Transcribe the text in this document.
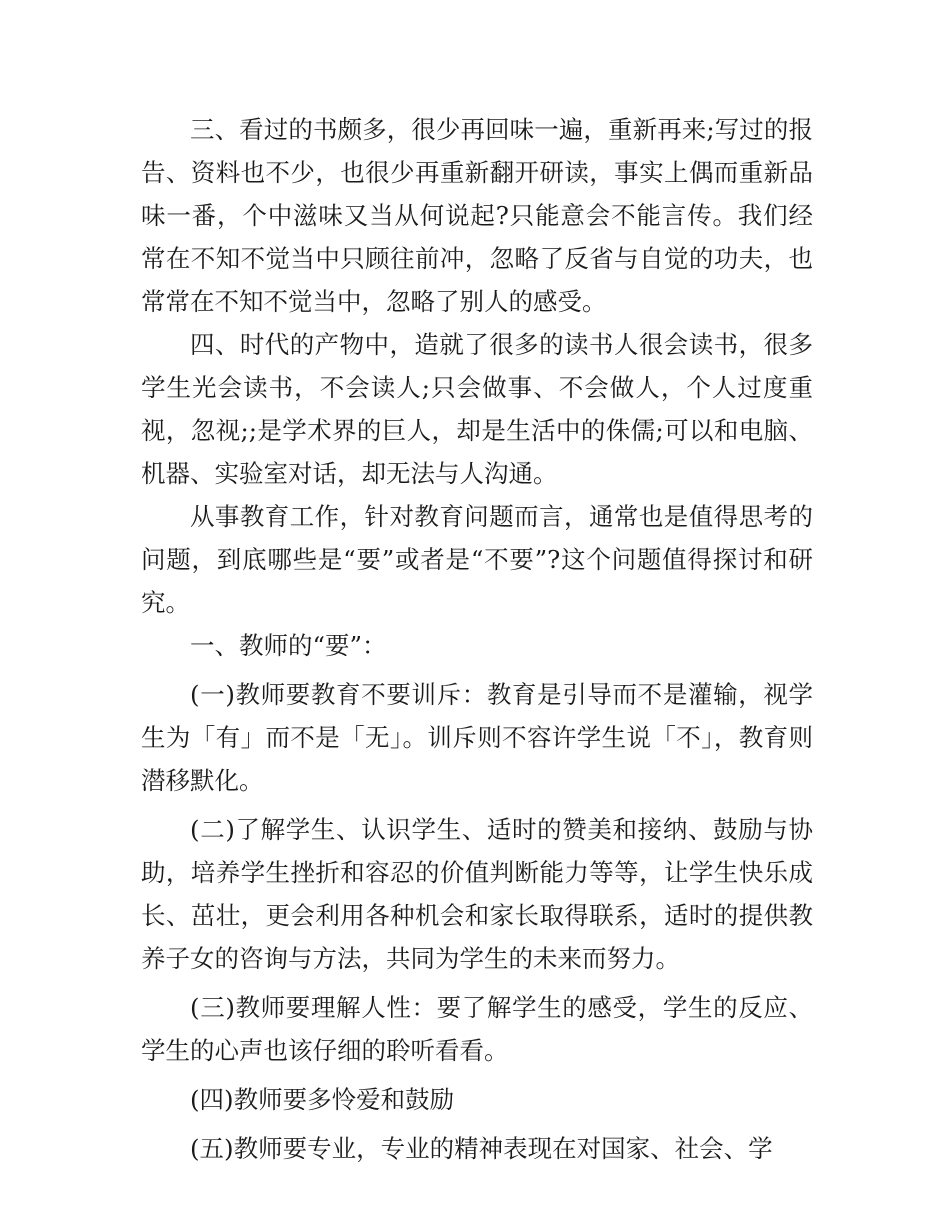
三、看过的书颇多，很少再回味一遍，重新再来;写过的报告、资料也不少，也很少再重新翻开研读，事实上偶而重新品味一番，个中滋味又当从何说起?只能意会不能言传。我们经常在不知不觉当中只顾往前冲，忽略了反省与自觉的功夫，也常常在不知不觉当中，忽略了别人的感受。

四、时代的产物中，造就了很多的读书人很会读书，很多学生光会读书，不会读人;只会做事、不会做人，个人过度重视，忽视;;是学术界的巨人，却是生活中的侏儒;可以和电脑、机器、实验室对话，却无法与人沟通。

从事教育工作，针对教育问题而言，通常也是值得思考的问题，到底哪些是“要”或者是“不要”?这个问题值得探讨和研究。

一、教师的“要”：

(一)教师要教育不要训斥：教育是引导而不是灌输，视学生为「有」而不是「无」。训斥则不容许学生说「不」，教育则潜移默化。

(二)了解学生、认识学生、适时的赞美和接纳、鼓励与协助，培养学生挫折和容忍的价值判断能力等等，让学生快乐成长、茁壮，更会利用各种机会和家长取得联系，适时的提供教养子女的咨询与方法，共同为学生的未来而努力。

(三)教师要理解人性：要了解学生的感受，学生的反应、学生的心声也该仔细的聆听看看。

(四)教师要多怜爱和鼓励

(五)教师要专业，专业的精神表现在对国家、社会、学
